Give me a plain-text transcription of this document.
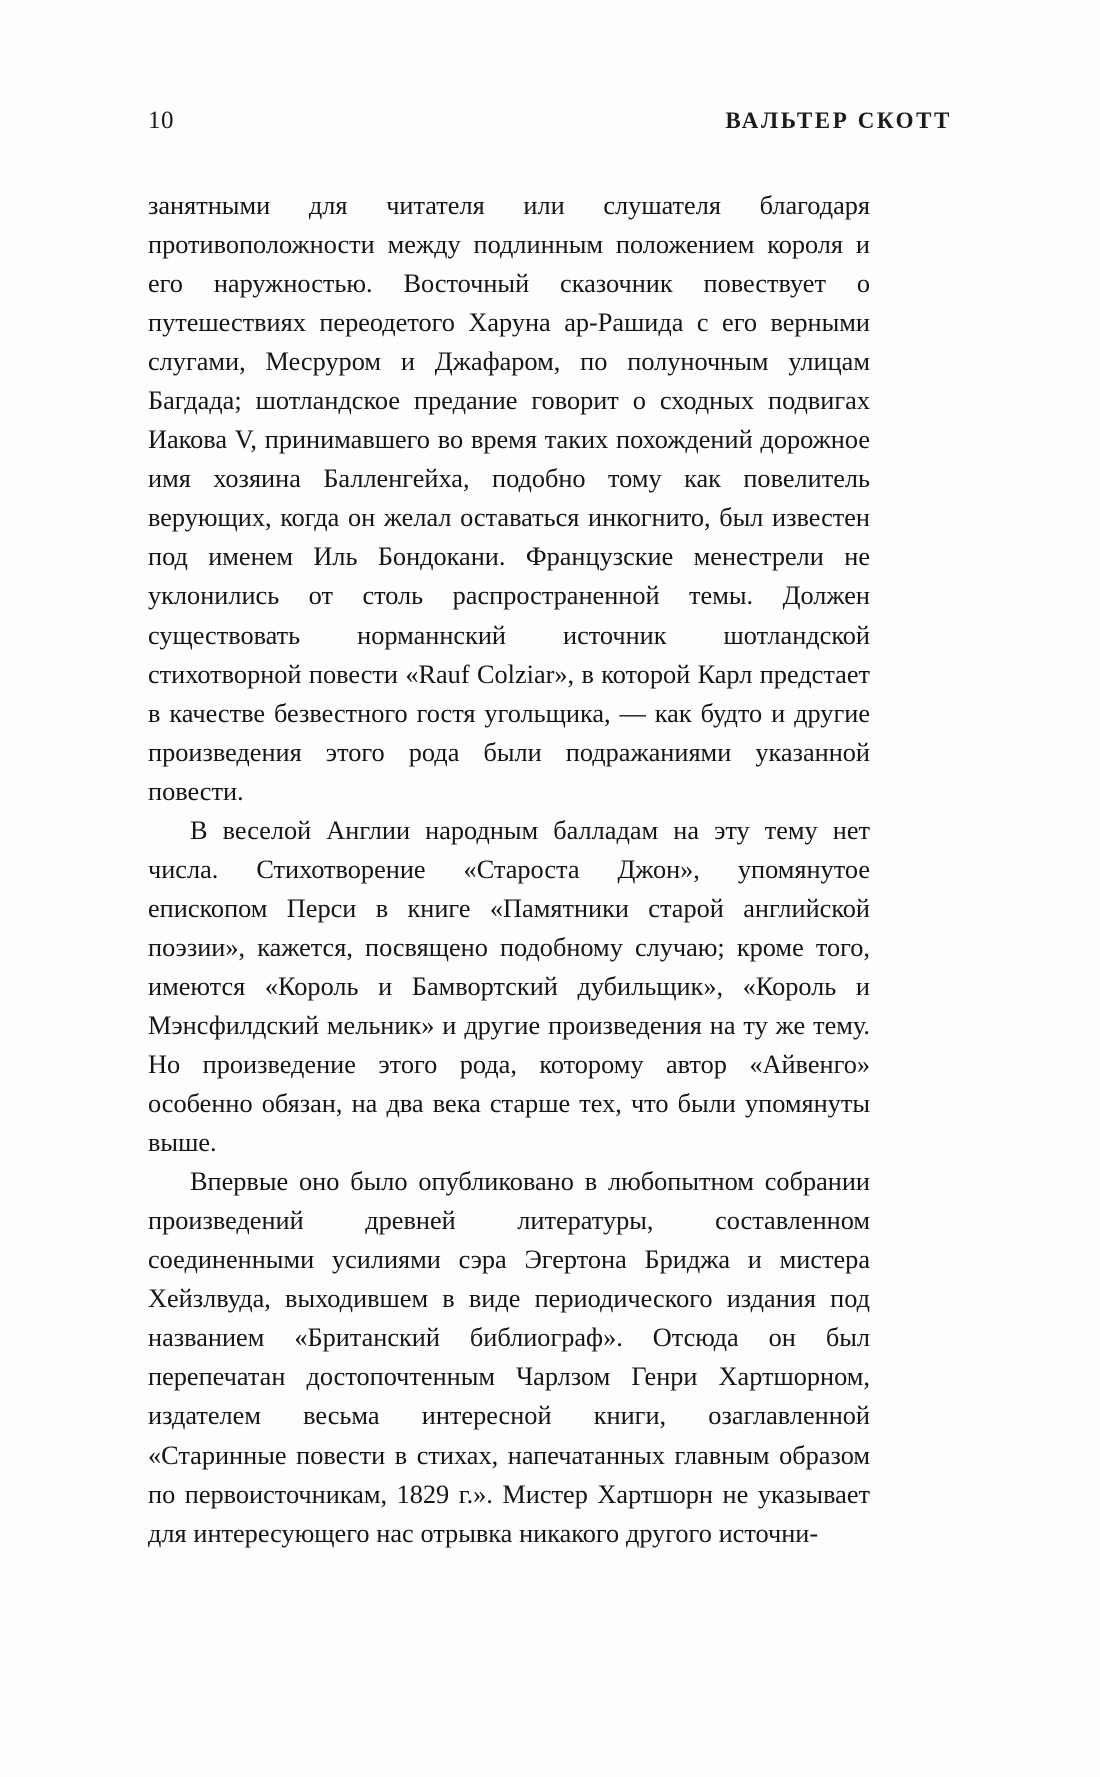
10	ВАЛЬТЕР СКОТТ

занятными для читателя или слушателя благодаря противоположности между подлинным положением короля и его наружностью. Восточный сказочник повествует о путешествиях переодетого Харуна ар-Рашида с его верными слугами, Месруром и Джафаром, по полуночным улицам Багдада; шотландское предание говорит о сходных подвигах Иакова V, принимавшего во время таких похождений дорожное имя хозяина Балленгейха, подобно тому как повелитель верующих, когда он желал оставаться инкогнито, был известен под именем Иль Бондокани. Французские менестрели не уклонились от столь распространенной темы. Должен существовать норманнский источник шотландской стихотворной повести «Rauf Colziar», в которой Карл предстает в качестве безвестного гостя угольщика, — как будто и другие произведения этого рода были подражаниями указанной повести.

В веселой Англии народным балладам на эту тему нет числа. Стихотворение «Староста Джон», упомянутое епископом Перси в книге «Памятники старой английской поэзии», кажется, посвящено подобному случаю; кроме того, имеются «Король и Бамвортский дубильщик», «Король и Мэнсфилдский мельник» и другие произведения на ту же тему. Но произведение этого рода, которому автор «Айвенго» особенно обязан, на два века старше тех, что были упомянуты выше.

Впервые оно было опубликовано в любопытном собрании произведений древней литературы, составленном соединенными усилиями сэра Эгертона Бриджа и мистера Хейзлвуда, выходившем в виде периодического издания под названием «Британский библиограф». Отсюда он был перепечатан достопочтенным Чарлзом Генри Хартшорном, издателем весьма интересной книги, озаглавленной «Старинные повести в стихах, напечатанных главным образом по первоисточникам, 1829 г.». Мистер Хартшорн не указывает для интересующего нас отрывка никакого другого источни-
